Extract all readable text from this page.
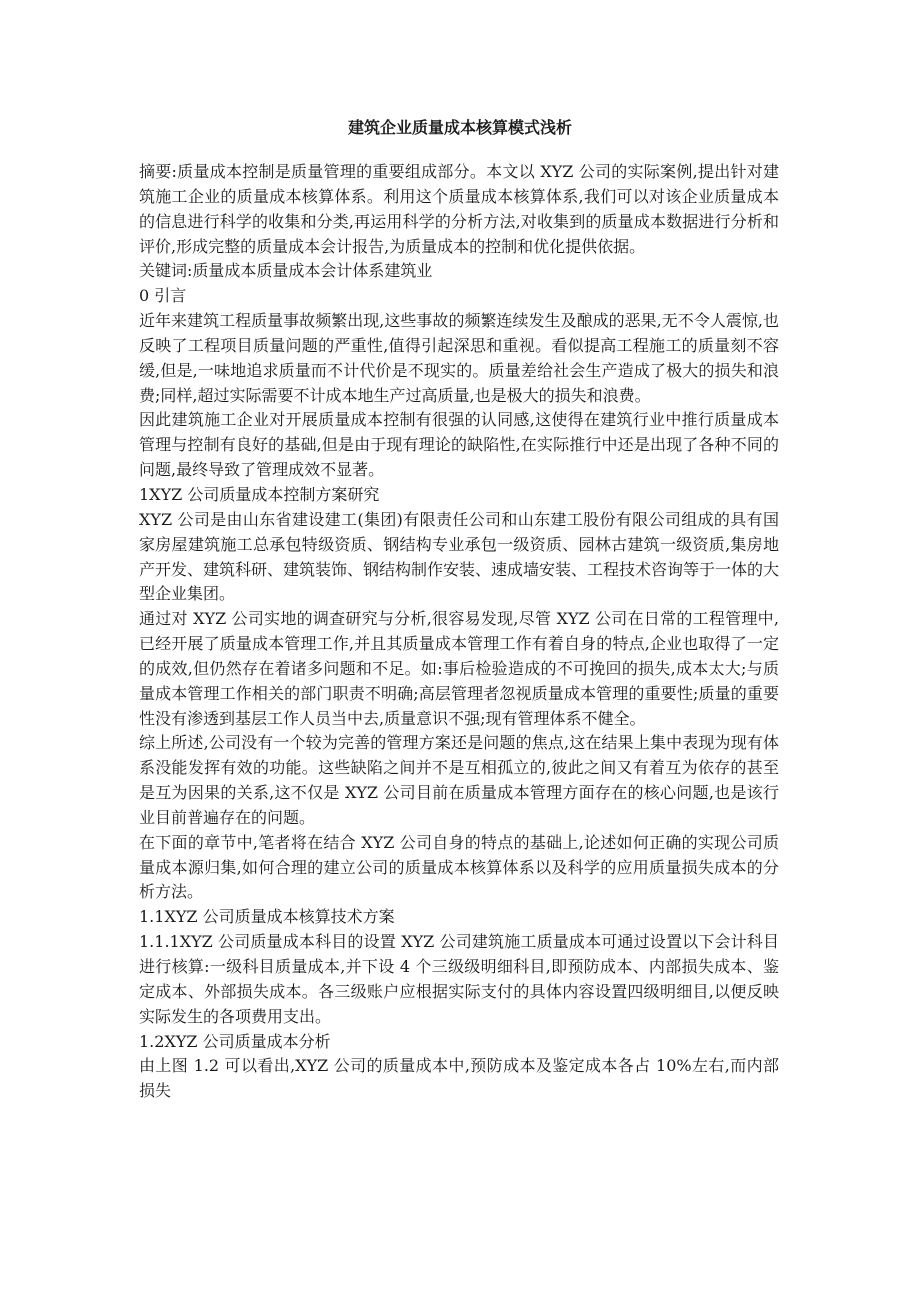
建筑企业质量成本核算模式浅析

摘要:质量成本控制是质量管理的重要组成部分。本文以 XYZ 公司的实际案例,提出针对建筑施工企业的质量成本核算体系。利用这个质量成本核算体系,我们可以对该企业质量成本的信息进行科学的收集和分类,再运用科学的分析方法,对收集到的质量成本数据进行分析和评价,形成完整的质量成本会计报告,为质量成本的控制和优化提供依据。

关键词:质量成本质量成本会计体系建筑业

0 引言

近年来建筑工程质量事故频繁出现,这些事故的频繁连续发生及酿成的恶果,无不令人震惊,也反映了工程项目质量问题的严重性,值得引起深思和重视。看似提高工程施工的质量刻不容缓,但是,一味地追求质量而不计代价是不现实的。质量差给社会生产造成了极大的损失和浪费;同样,超过实际需要不计成本地生产过高质量,也是极大的损失和浪费。

因此建筑施工企业对开展质量成本控制有很强的认同感,这使得在建筑行业中推行质量成本管理与控制有良好的基础,但是由于现有理论的缺陷性,在实际推行中还是出现了各种不同的问题,最终导致了管理成效不显著。

1XYZ 公司质量成本控制方案研究

XYZ 公司是由山东省建设建工(集团)有限责任公司和山东建工股份有限公司组成的具有国家房屋建筑施工总承包特级资质、钢结构专业承包一级资质、园林古建筑一级资质,集房地产开发、建筑科研、建筑装饰、钢结构制作安装、速成墙安装、工程技术咨询等于一体的大型企业集团。

通过对 XYZ 公司实地的调查研究与分析,很容易发现,尽管 XYZ 公司在日常的工程管理中,已经开展了质量成本管理工作,并且其质量成本管理工作有着自身的特点,企业也取得了一定的成效,但仍然存在着诸多问题和不足。如:事后检验造成的不可挽回的损失,成本太大;与质量成本管理工作相关的部门职责不明确;高层管理者忽视质量成本管理的重要性;质量的重要性没有渗透到基层工作人员当中去,质量意识不强;现有管理体系不健全。

综上所述,公司没有一个较为完善的管理方案还是问题的焦点,这在结果上集中表现为现有体系没能发挥有效的功能。这些缺陷之间并不是互相孤立的,彼此之间又有着互为依存的甚至是互为因果的关系,这不仅是 XYZ 公司目前在质量成本管理方面存在的核心问题,也是该行业目前普遍存在的问题。

在下面的章节中,笔者将在结合 XYZ 公司自身的特点的基础上,论述如何正确的实现公司质量成本源归集,如何合理的建立公司的质量成本核算体系以及科学的应用质量损失成本的分析方法。

1.1XYZ 公司质量成本核算技术方案

1.1.1XYZ 公司质量成本科目的设置 XYZ 公司建筑施工质量成本可通过设置以下会计科目进行核算:一级科目质量成本,并下设 4 个三级级明细科目,即预防成本、内部损失成本、鉴定成本、外部损失成本。各三级账户应根据实际支付的具体内容设置四级明细目,以便反映实际发生的各项费用支出。

1.2XYZ 公司质量成本分析

由上图 1.2 可以看出,XYZ 公司的质量成本中,预防成本及鉴定成本各占 10%左右,而内部损失
